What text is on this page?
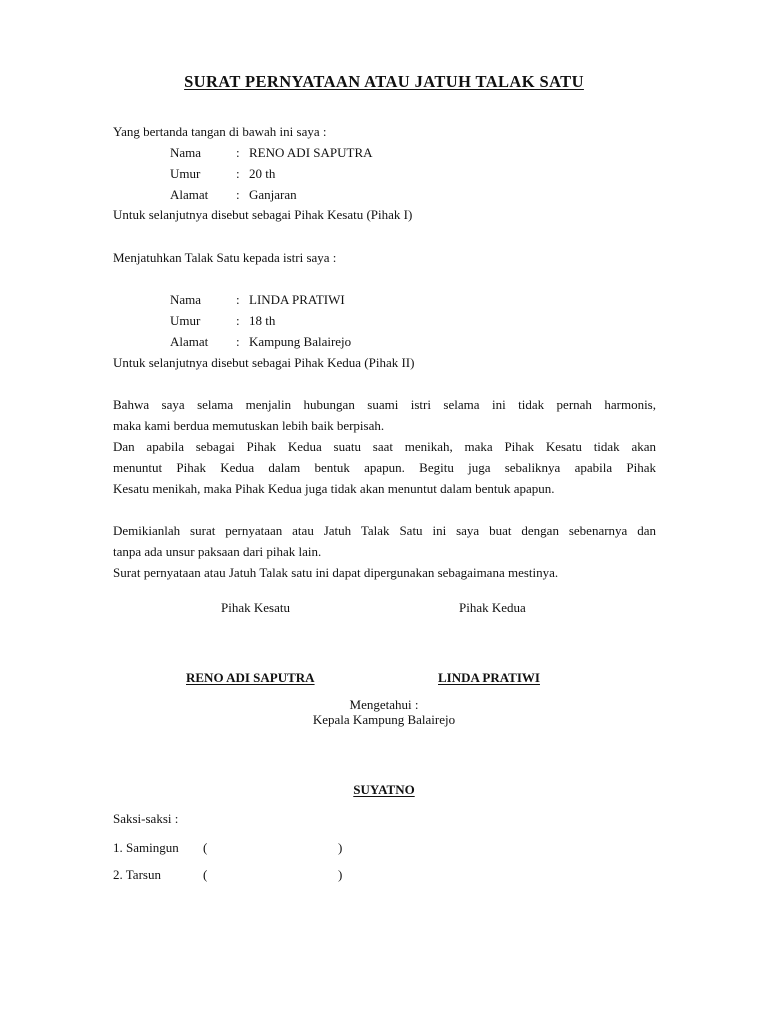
SURAT PERNYATAAN ATAU JATUH TALAK SATU
Yang bertanda tangan di bawah ini saya :
Nama	: RENO ADI SAPUTRA
Umur	: 20 th
Alamat : Ganjaran
Untuk selanjutnya disebut sebagai Pihak Kesatu (Pihak I)
Menjatuhkan Talak Satu kepada istri saya :
Nama	: LINDA PRATIWI
Umur	: 18 th
Alamat : Kampung Balairejo
Untuk selanjutnya disebut sebagai Pihak Kedua (Pihak II)
Bahwa saya selama menjalin hubungan suami istri selama ini tidak pernah harmonis,
maka kami berdua memutuskan lebih baik berpisah.
Dan apabila sebagai Pihak Kedua suatu saat menikah, maka Pihak Kesatu tidak akan
menuntut Pihak Kedua dalam bentuk apapun. Begitu juga sebaliknya apabila Pihak
Kesatu menikah, maka Pihak Kedua juga tidak akan menuntut dalam bentuk apapun.
Demikianlah surat pernyataan atau Jatuh Talak Satu ini saya buat dengan sebenarnya dan
tanpa ada unsur paksaan dari pihak lain.
Surat pernyataan atau Jatuh Talak satu ini dapat dipergunakan sebagaimana mestinya.
Pihak Kesatu	Pihak Kedua
RENO ADI SAPUTRA	LINDA PRATIWI
Mengetahui :
Kepala Kampung Balairejo
SUYATNO
Saksi-saksi :
1. Samingun (	)
2. Tarsun	(	)
